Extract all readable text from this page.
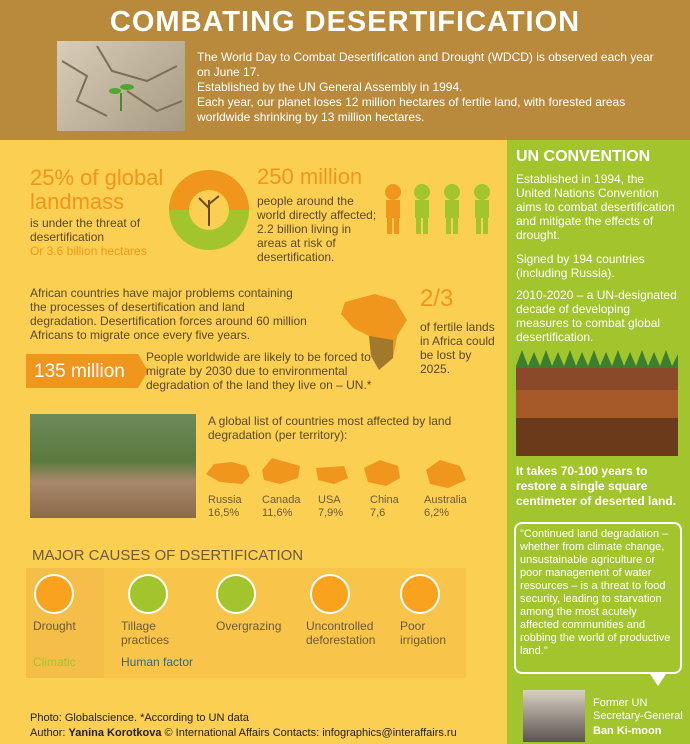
COMBATING DESERTIFICATION

The World Day to Combat Desertification and Drought (WDCD) is observed each year on June 17.

Established by the UN General Assembly in 1994.

Each year, our planet loses 12 million hectares of fertile land, with forested areas worldwide shrinking by 13 million hectares.

25% of global landmass
is under the threat of desertification
Or 3.6 billion hectares
250 million
people around the world directly affected; 2.2 billion living in areas at risk of desertification.
African countries have major problems containing the processes of desertification and land degradation. Desertification forces around 60 million Africans to migrate once every five years.
2/3
of fertile lands in Africa could be lost by 2025.
135 million
People worldwide are likely to be forced to migrate by 2030 due to environmental degradation of the land they live on – UN.*
A global list of countries most affected by land degradation (per territory):
Russia
16,5%
Canada
11,6%
USA
7,9%
China
7,6
Australia
6,2%
MAJOR CAUSES OF DSERTIFICATION
Drought	Tillage practices
Overgrazing	Uncontrolled deforestation
Poor irrigation
Climatic	Human factor
Photo: Globalscience. *According to UN data
Author: Yanina Korotkova © International Affairs Contacts: infographics@interaffairs.ru
UN CONVENTION
Established in 1994, the United Nations Convention aims to combat desertification and mitigate the effects of drought.
Signed by 194 countries (including Russia).
2010-2020 – a UN-designated decade of developing measures to combat global desertification.
It takes 70-100 years to restore a single square centimeter of deserted land.
"Continued land degradation – whether from climate change, unsustainable agriculture or poor management of water resources – is a threat to food security, leading to starvation among the most acutely affected communities and robbing the world of productive land."
Former UN Secretary-General
Ban Ki-moon
